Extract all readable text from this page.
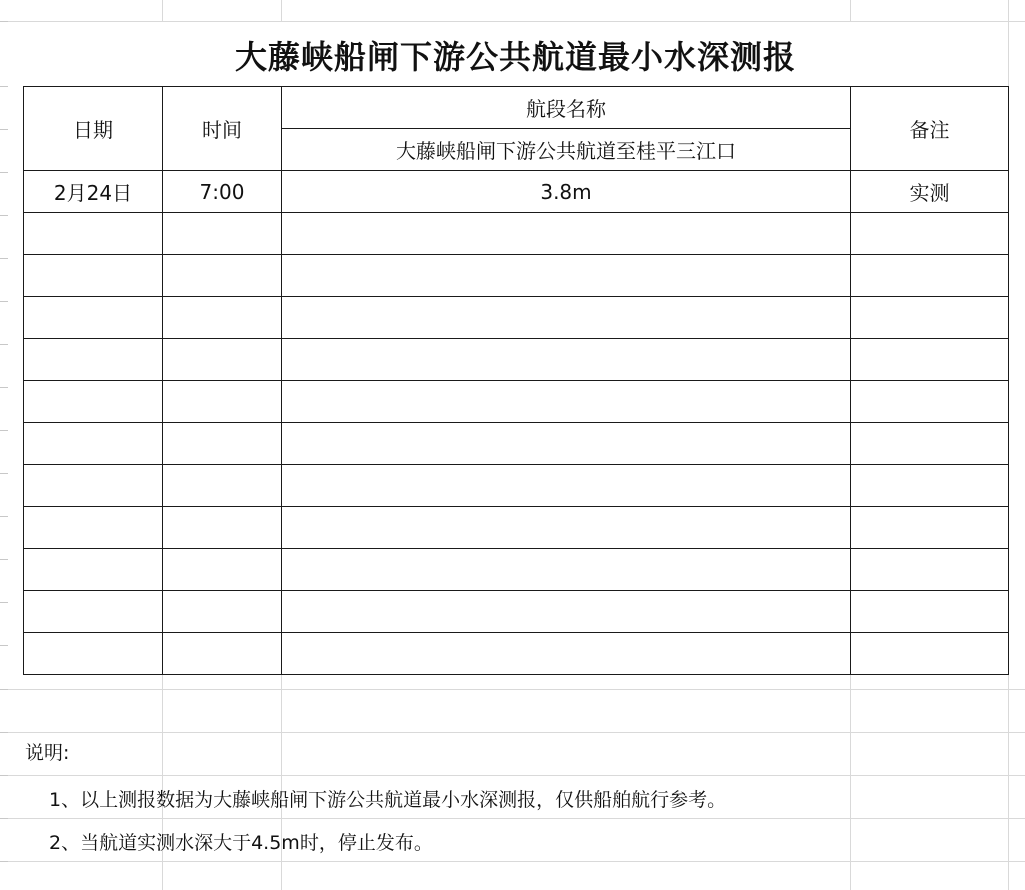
大藤峡船闸下游公共航道最小水深测报
日期	时间	航段名称	备注
		大藤峡船闸下游公共航道至桂平三江口	
2月24日	7:00	3.8m	实测

说明:
1、以上测报数据为大藤峡船闸下游公共航道最小水深测报，仅供船舶航行参考。
2、当航道实测水深大于4.5m时，停止发布。
